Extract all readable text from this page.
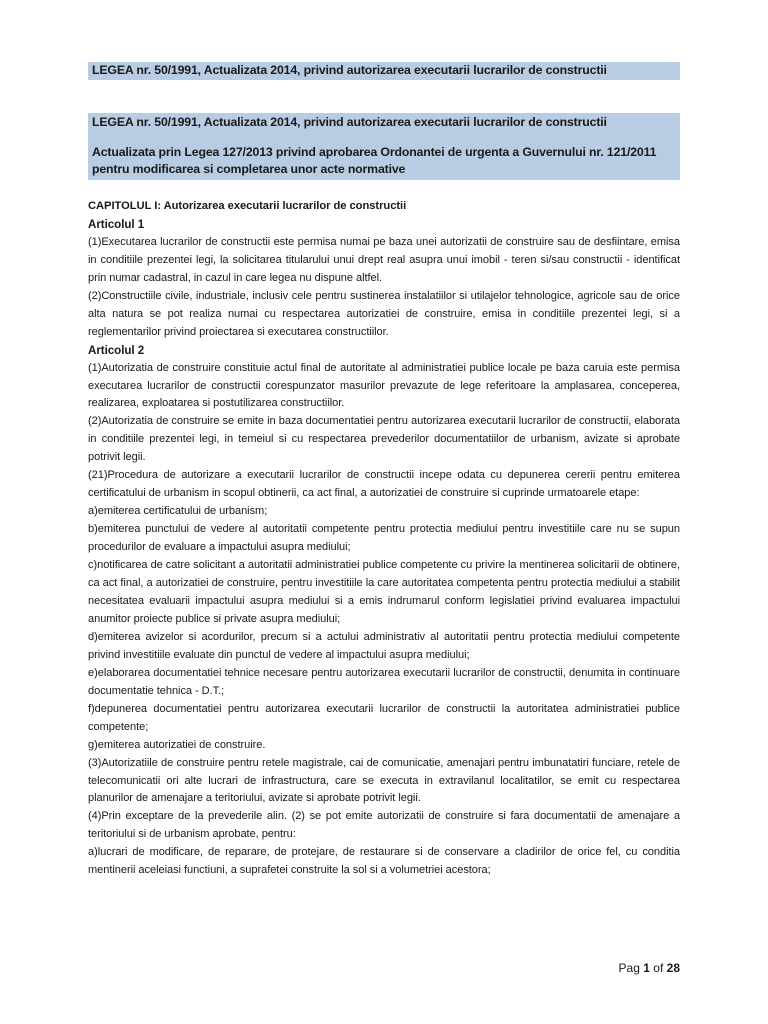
LEGEA nr. 50/1991, Actualizata 2014, privind autorizarea executarii lucrarilor de constructii
LEGEA nr. 50/1991, Actualizata 2014, privind autorizarea executarii lucrarilor de constructii
Actualizata prin Legea 127/2013 privind aprobarea Ordonantei de urgenta a Guvernului nr. 121/2011 pentru modificarea si completarea unor acte normative

CAPITOLUL I: Autorizarea executarii lucrarilor de constructii

Articolul 1

(1)Executarea lucrarilor de constructii este permisa numai pe baza unei autorizatii de construire sau de desfiintare, emisa in conditiile prezentei legi, la solicitarea titularului unui drept real asupra unui imobil - teren si/sau constructii - identificat prin numar cadastral, in cazul in care legea nu dispune altfel.

(2)Constructiile civile, industriale, inclusiv cele pentru sustinerea instalatiilor si utilajelor tehnologice, agricole sau de orice alta natura se pot realiza numai cu respectarea autorizatiei de construire, emisa in conditiile prezentei legi, si a reglementarilor privind proiectarea si executarea constructiilor.

Articolul 2

(1)Autorizatia de construire constituie actul final de autoritate al administratiei publice locale pe baza caruia este permisa executarea lucrarilor de constructii corespunzator masurilor prevazute de lege referitoare la amplasarea, conceperea, realizarea, exploatarea si postutilizarea constructiilor.

(2)Autorizatia de construire se emite in baza documentatiei pentru autorizarea executarii lucrarilor de constructii, elaborata in conditiile prezentei legi, in temeiul si cu respectarea prevederilor documentatiilor de urbanism, avizate si aprobate potrivit legii.

(21)Procedura de autorizare a executarii lucrarilor de constructii incepe odata cu depunerea cererii pentru emiterea certificatului de urbanism in scopul obtinerii, ca act final, a autorizatiei de construire si cuprinde urmatoarele etape:

a)emiterea certificatului de urbanism;

b)emiterea punctului de vedere al autoritatii competente pentru protectia mediului pentru investitiile care nu se supun procedurilor de evaluare a impactului asupra mediului;

c)notificarea de catre solicitant a autoritatii administratiei publice competente cu privire la mentinerea solicitarii de obtinere, ca act final, a autorizatiei de construire, pentru investitiile la care autoritatea competenta pentru protectia mediului a stabilit necesitatea evaluarii impactului asupra mediului si a emis indrumarul conform legislatiei privind evaluarea impactului anumitor proiecte publice si private asupra mediului;

d)emiterea avizelor si acordurilor, precum si a actului administrativ al autoritatii pentru protectia mediului competente privind investitiile evaluate din punctul de vedere al impactului asupra mediului;

e)elaborarea documentatiei tehnice necesare pentru autorizarea executarii lucrarilor de constructii, denumita in continuare documentatie tehnica - D.T.;

f)depunerea documentatiei pentru autorizarea executarii lucrarilor de constructii la autoritatea administratiei publice competente;

g)emiterea autorizatiei de construire.

(3)Autorizatiile de construire pentru retele magistrale, cai de comunicatie, amenajari pentru imbunatatiri funciare, retele de telecomunicatii ori alte lucrari de infrastructura, care se executa in extravilanul localitatilor, se emit cu respectarea planurilor de amenajare a teritoriului, avizate si aprobate potrivit legii.

(4)Prin exceptare de la prevederile alin. (2) se pot emite autorizatii de construire si fara documentatii de amenajare a teritoriului si de urbanism aprobate, pentru:

a)lucrari de modificare, de reparare, de protejare, de restaurare si de conservare a cladirilor de orice fel, cu conditia mentinerii aceleiasi functiuni, a suprafetei construite la sol si a volumetriei acestora;

Pag 1 of 28
